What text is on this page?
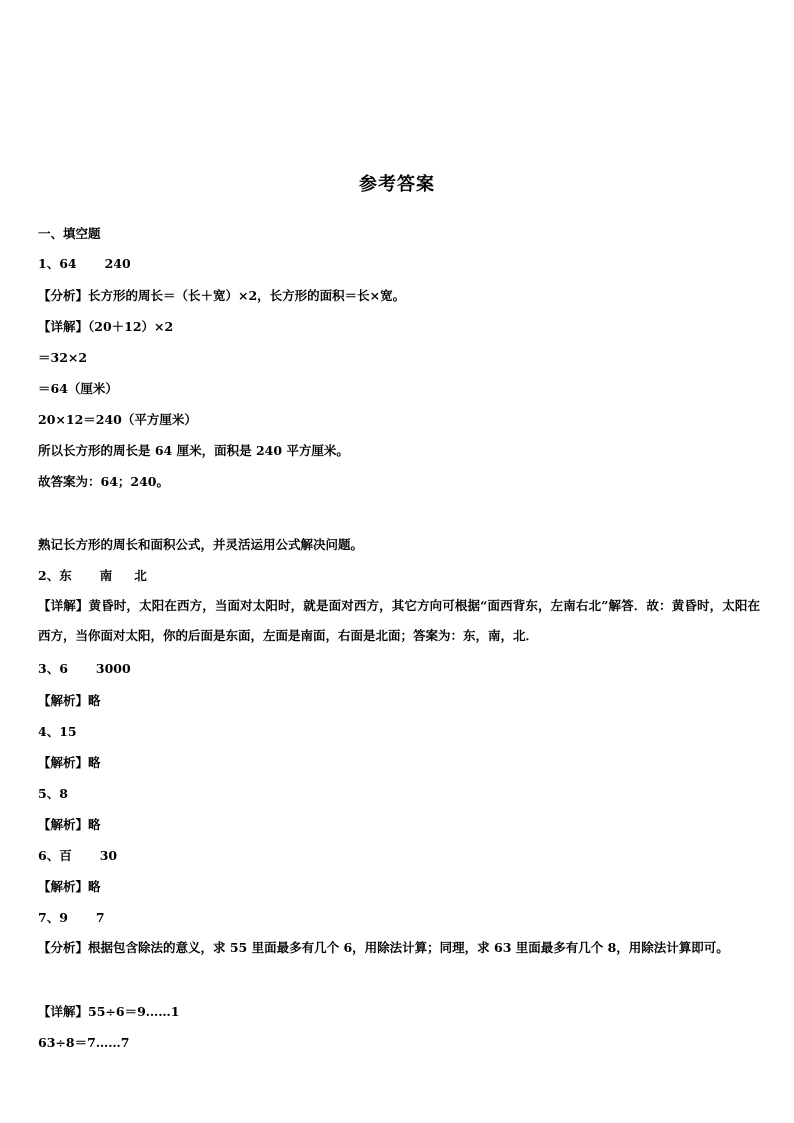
参考答案
一、填空题
1、64 240
【分析】长方形的周长＝（长＋宽）×2，长方形的面积＝长×宽。
【详解】（20＋12）×2
＝32×2
＝64（厘米）
20×12＝240（平方厘米）
所以长方形的周长是 64 厘米，面积是 240 平方厘米。
故答案为：64；240。
熟记长方形的周长和面积公式，并灵活运用公式解决问题。
2、东 南 北
【详解】黄昏时，太阳在西方，当面对太阳时，就是面对西方，其它方向可根据“面西背东，左南右北”解答．故：黄昏时，太阳在西方，当你面对太阳，你的后面是东面，左面是南面，右面是北面；答案为：东，南，北．
3、6 3000
【解析】略
4、15
【解析】略
5、8
【解析】略
6、百 30
【解析】略
7、9 7
【分析】根据包含除法的意义，求 55 里面最多有几个 6，用除法计算；同理，求 63 里面最多有几个 8，用除法计算即可。
【详解】55÷6＝9……1
63÷8＝7……7
